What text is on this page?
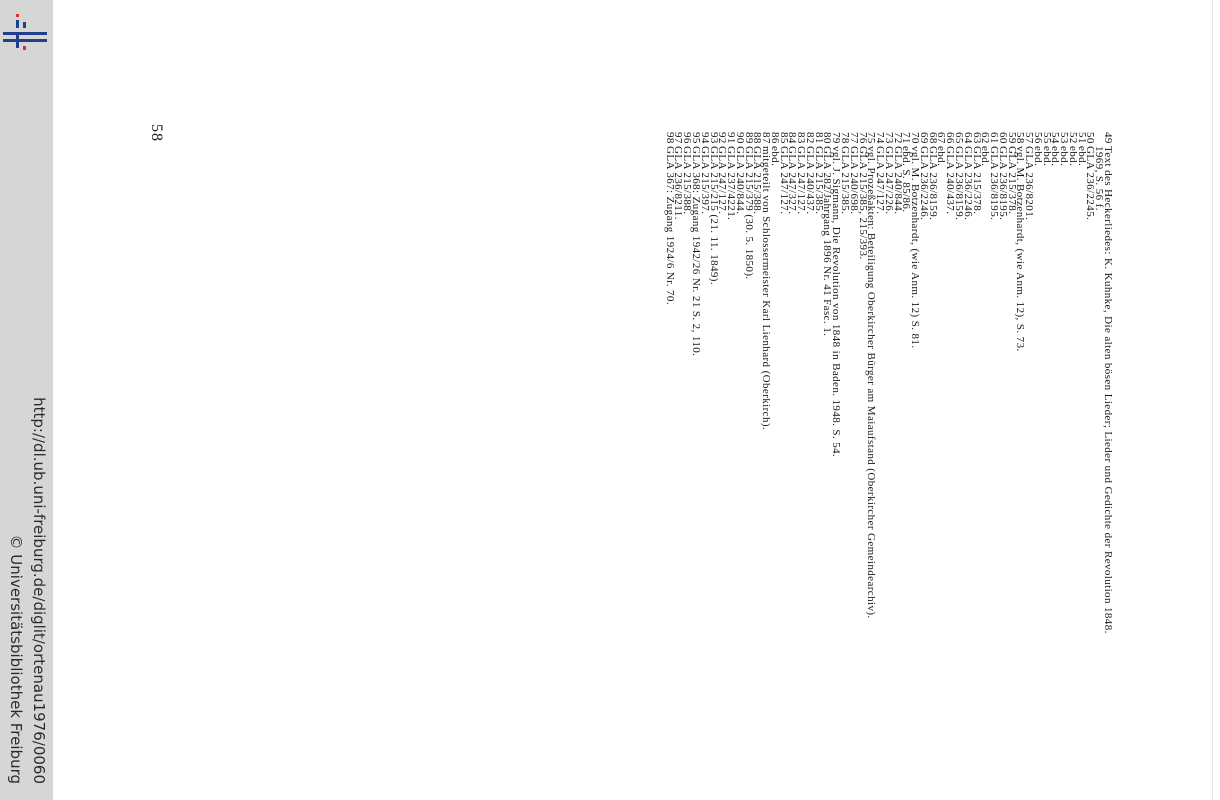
http://dl.ub.uni-freiburg.de/diglit/ortenau1976/0060
© Universitätsbibliothek Freiburg
58	49Text des Heckerliedes: K. Kuhnke, Die alten bösen Lieder; Lieder und Gedichte der Revolution 1848.
1969, S. 56 f.
50GLA 236/2245.
51ebd.
52ebd.
53ebd.
54ebd.
55ebd.
56ebd.
57GLA 236/8201.
58vgl. M. Botzenhardt, (wie Anm. 12), S. 73.
59GLA 215/378.
60GLA 236/8195.
61GLA 236/8195.
62ebd.
63GLA 215/378.
64GLA 236/2246.
65GLA 236/8159.
66GLA 240/437.
67ebd.
68GLA 236/8159.
69GLA 236/2246.
70vgl. M. Botzenhardt, (wie Anm. 12) S. 81.
71ebd. S. 85/86.
72GLA 240/844.
73GLA 247/226.
74GLA 247/127.
75vgl. Prozeßakten: Beteiligung Oberkircher Bürger am Maiaufstand (Oberkircher Gemeindearchiv).
76GLA 215/385, 215/393.
77GLA 240/698.
78GLA 215/385.
79vgl. J. Sigmann, Die Revolution von 1848 in Baden. 1948. S. 54.
80GLA 282/Jahrgang 1896 Nr. 41 Fasc. 1.
81GLA 215/385.
82GLA 240/437.
83GLA 247/127.
84GLA 247/327.
85GLA 247/127.
86ebd.
87mitgeteilt von Schlossermeister Karl Lienhard (Oberkirch).
88GLA 215/388.
89GLA 215/379 (30. 5. 1850).
90GLA 240/844.
91GLA 237/4221.
92GLA 247/127.
93GLA 215/215 (21. 11. 1849).
94GLA 215/397.
95GLA 368: Zugang 1942/26 Nr. 21 S. 2, 110.
96GLA 215/388.
97GLA 236/8211.
98GLA 367: Zugang 1924/6 Nr. 70.
